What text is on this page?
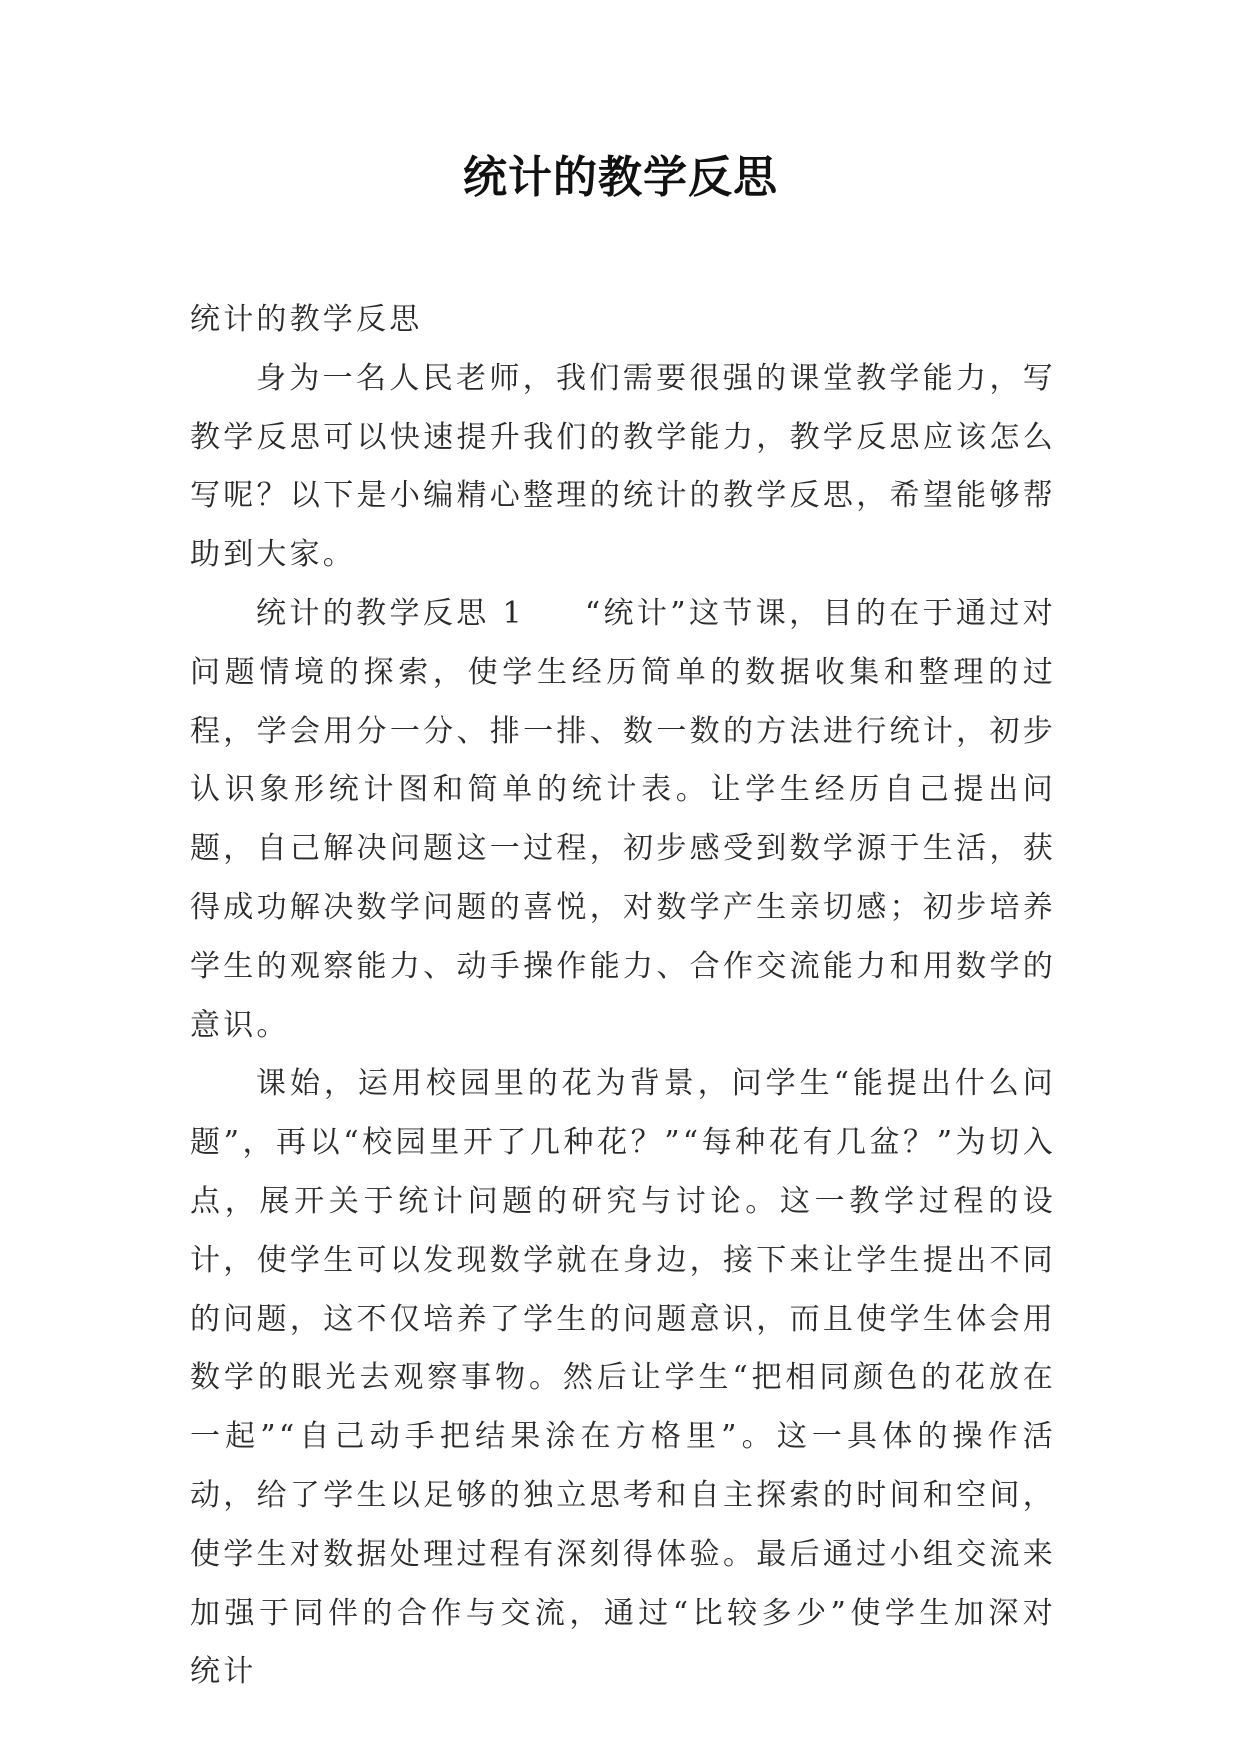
统计的教学反思

统计的教学反思

身为一名人民老师，我们需要很强的课堂教学能力，写教学反思可以快速提升我们的教学能力，教学反思应该怎么写呢？以下是小编精心整理的统计的教学反思，希望能够帮助到大家。

统计的教学反思 1 “统计”这节课，目的在于通过对问题情境的探索，使学生经历简单的数据收集和整理的过程，学会用分一分、排一排、数一数的方法进行统计，初步认识象形统计图和简单的统计表。让学生经历自己提出问题，自己解决问题这一过程，初步感受到数学源于生活，获得成功解决数学问题的喜悦，对数学产生亲切感；初步培养学生的观察能力、动手操作能力、合作交流能力和用数学的意识。

课始，运用校园里的花为背景，问学生“能提出什么问题”，再以“校园里开了几种花？”“每种花有几盆？”为切入点，展开关于统计问题的研究与讨论。这一教学过程的设计，使学生可以发现数学就在身边，接下来让学生提出不同的问题，这不仅培养了学生的问题意识，而且使学生体会用数学的眼光去观察事物。然后让学生“把相同颜色的花放在一起”“自己动手把结果涂在方格里”。这一具体的操作活动，给了学生以足够的独立思考和自主探索的时间和空间，使学生对数据处理过程有深刻得体验。最后通过小组交流来加强于同伴的合作与交流，通过“比较多少”使学生加深对统计
